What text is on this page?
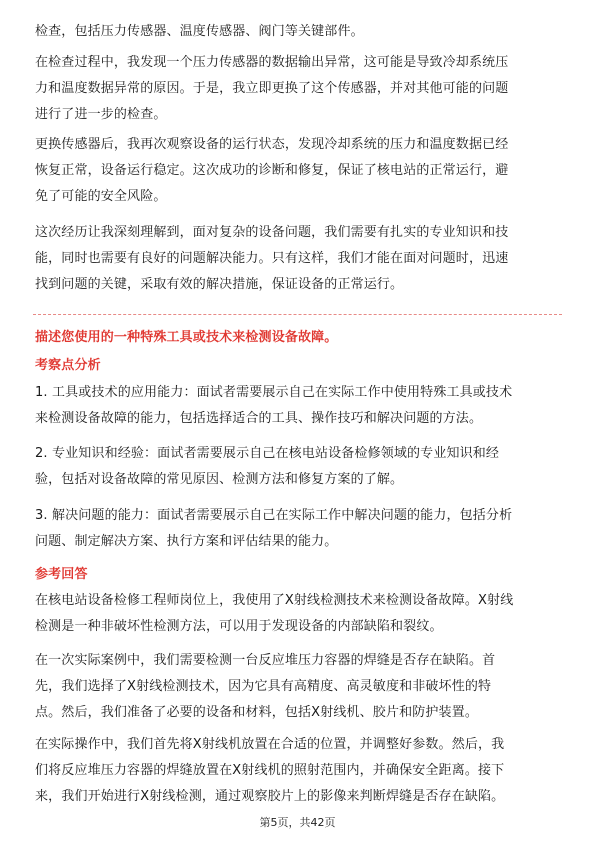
检查，包括压力传感器、温度传感器、阀门等关键部件。

在检查过程中，我发现一个压力传感器的数据输出异常，这可能是导致冷却系统压
力和温度数据异常的原因。于是，我立即更换了这个传感器，并对其他可能的问题
进行了进一步的检查。

更换传感器后，我再次观察设备的运行状态，发现冷却系统的压力和温度数据已经
恢复正常，设备运行稳定。这次成功的诊断和修复，保证了核电站的正常运行，避
免了可能的安全风险。

这次经历让我深刻理解到，面对复杂的设备问题，我们需要有扎实的专业知识和技
能，同时也需要有良好的问题解决能力。只有这样，我们才能在面对问题时，迅速
找到问题的关键，采取有效的解决措施，保证设备的正常运行。

描述您使用的一种特殊工具或技术来检测设备故障。

考察点分析

1. 工具或技术的应用能力：面试者需要展示自己在实际工作中使用特殊工具或技术
来检测设备故障的能力，包括选择适合的工具、操作技巧和解决问题的方法。

2. 专业知识和经验：面试者需要展示自己在核电站设备检修领域的专业知识和经
验，包括对设备故障的常见原因、检测方法和修复方案的了解。

3. 解决问题的能力：面试者需要展示自己在实际工作中解决问题的能力，包括分析
问题、制定解决方案、执行方案和评估结果的能力。

参考回答

在核电站设备检修工程师岗位上，我使用了X射线检测技术来检测设备故障。X射线
检测是一种非破坏性检测方法，可以用于发现设备的内部缺陷和裂纹。

在一次实际案例中，我们需要检测一台反应堆压力容器的焊缝是否存在缺陷。首
先，我们选择了X射线检测技术，因为它具有高精度、高灵敏度和非破坏性的特
点。然后，我们准备了必要的设备和材料，包括X射线机、胶片和防护装置。

在实际操作中，我们首先将X射线机放置在合适的位置，并调整好参数。然后，我
们将反应堆压力容器的焊缝放置在X射线机的照射范围内，并确保安全距离。接下
来，我们开始进行X射线检测，通过观察胶片上的影像来判断焊缝是否存在缺陷。

第5页，共42页
